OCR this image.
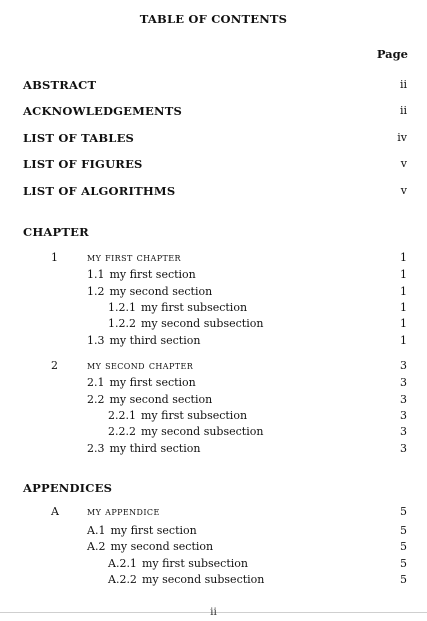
TABLE OF CONTENTS
Page
ABSTRACT	ii
ACKNOWLEDGEMENTS	ii
LIST OF TABLES	iv
LIST OF FIGURES	v
LIST OF ALGORITHMS	v
CHAPTER
1	my first chapter	1
1.1 my first section	1
1.2 my second section	1
1.2.1 my first subsection	1
1.2.2 my second subsection	1
1.3 my third section	1
2	my second chapter	3
2.1 my first section	3
2.2 my second section	3
2.2.1 my first subsection	3
2.2.2 my second subsection	3
2.3 my third section	3
APPENDICES
A	my appendice	5
A.1 my first section	5
A.2 my second section	5
A.2.1 my first subsection	5
A.2.2 my second subsection	5
ii
